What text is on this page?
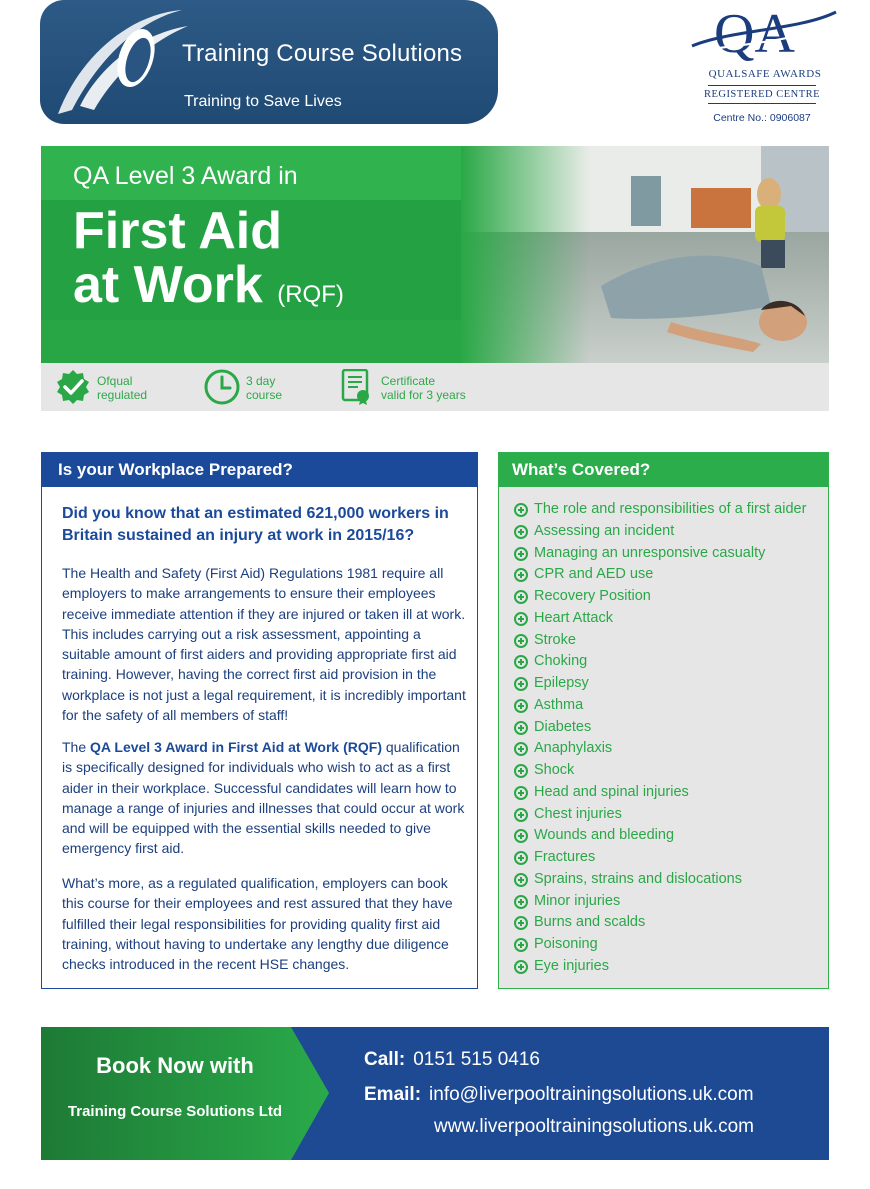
Training Course Solutions
Training to Save Lives
QA
QUALSAFE AWARDS
REGISTERED CENTRE
Centre No.: 0906087
QA Level 3 Award in
First Aid
at Work (RQF)
Ofqual
regulated
3 day
course
Certificate
valid for 3 years
Is your Workplace Prepared?
Did you know that an estimated 621,000 workers in Britain sustained an injury at work in 2015/16?

The Health and Safety (First Aid) Regulations 1981 require all employers to make arrangements to ensure their employees receive immediate attention if they are injured or taken ill at work. This includes carrying out a risk assessment, appointing a suitable amount of first aiders and providing appropriate first aid training. However, having the correct first aid provision in the workplace is not just a legal requirement, it is incredibly important for the safety of all members of staff!

The QA Level 3 Award in First Aid at Work (RQF) qualification is specifically designed for individuals who wish to act as a first aider in their workplace. Successful candidates will learn how to manage a range of injuries and illnesses that could occur at work and will be equipped with the essential skills needed to give emergency first aid.

What’s more, as a regulated qualification, employers can book this course for their employees and rest assured that they have fulfilled their legal responsibilities for providing quality first aid training, without having to undertake any lengthy due diligence checks introduced in the recent HSE changes.

What’s Covered?
The role and responsibilities of a first aider
Assessing an incident
Managing an unresponsive casualty
CPR and AED use
Recovery Position
Heart Attack
Stroke
Choking
Epilepsy
Asthma
Diabetes
Anaphylaxis
Shock
Head and spinal injuries
Chest injuries
Wounds and bleeding
Fractures
Sprains, strains and dislocations
Minor injuries
Burns and scalds
Poisoning
Eye injuries
Book Now with
Training Course Solutions Ltd
Call: 0151 515 0416
Email: info@liverpooltrainingsolutions.uk.com
www.liverpooltrainingsolutions.uk.com
